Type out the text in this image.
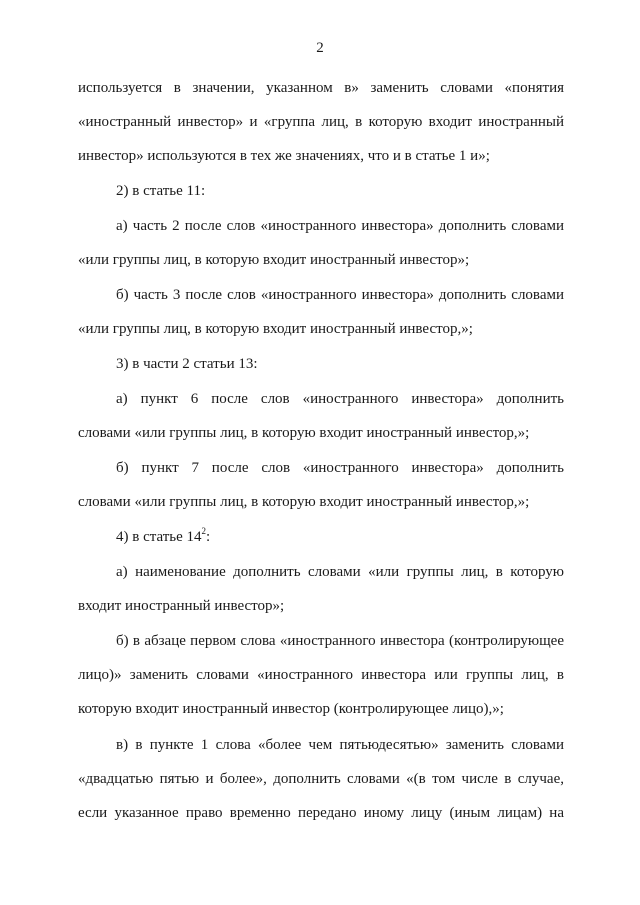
2
используется в значении, указанном в» заменить словами «понятия
«иностранный инвестор» и «группа лиц, в которую входит иностранный
инвестор» используются в тех же значениях, что и в статье 1 и»;
2) в статье 11:
а) часть 2 после слов «иностранного инвестора» дополнить словами
«или группы лиц, в которую входит иностранный инвестор»;
б) часть 3 после слов «иностранного инвестора» дополнить словами
«или группы лиц, в которую входит иностранный инвестор,»;
3) в части 2 статьи 13:
а) пункт 6 после слов «иностранного инвестора» дополнить
словами «или группы лиц, в которую входит иностранный инвестор,»;
б) пункт 7 после слов «иностранного инвестора» дополнить
словами «или группы лиц, в которую входит иностранный инвестор,»;
4) в статье $14^2$:
а) наименование дополнить словами «или группы лиц, в которую
входит иностранный инвестор»;
б) в абзаце первом слова «иностранного инвестора (контролирующее
лицо)» заменить словами «иностранного инвестора или группы лиц, в
которую входит иностранный инвестор (контролирующее лицо),»;
в) в пункте 1 слова «более чем пятьюдесятью» заменить словами
«двадцатью пятью и более», дополнить словами «(в том числе в случае,
если указанное право временно передано иному лицу (иным лицам) на
